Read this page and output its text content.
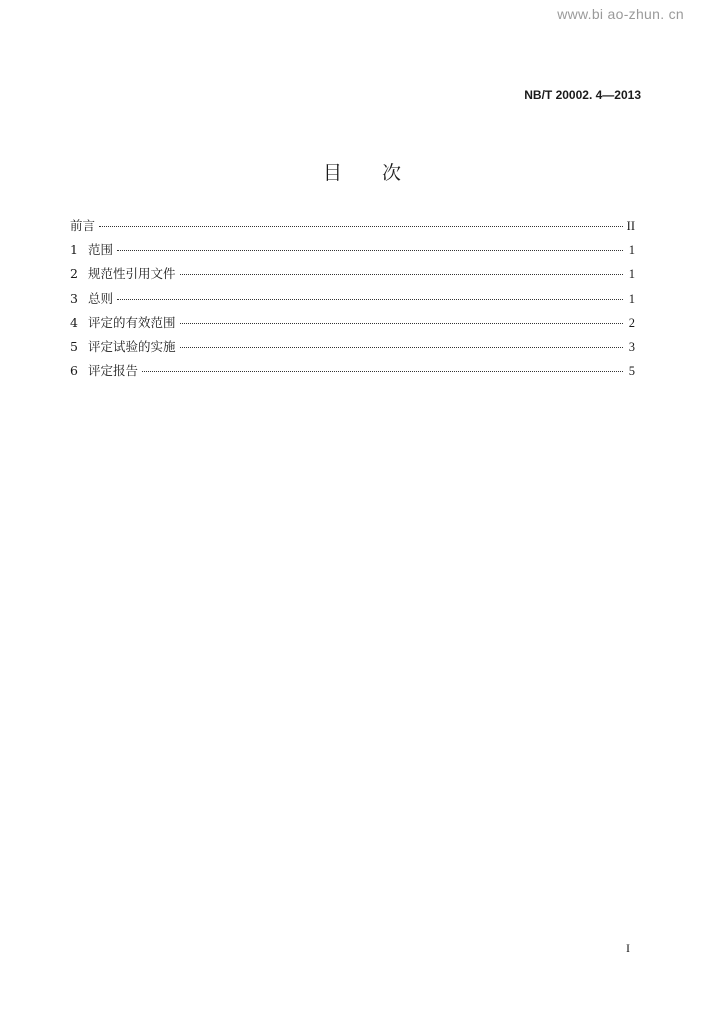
www.bi ao-zhun. cn
NB/T 20002. 4—2013
目次
前言	II
1 范围	1
2 规范性引用文件	1
3 总则	1
4 评定的有效范围	2
5 评定试验的实施	3
6 评定报告	5
I
